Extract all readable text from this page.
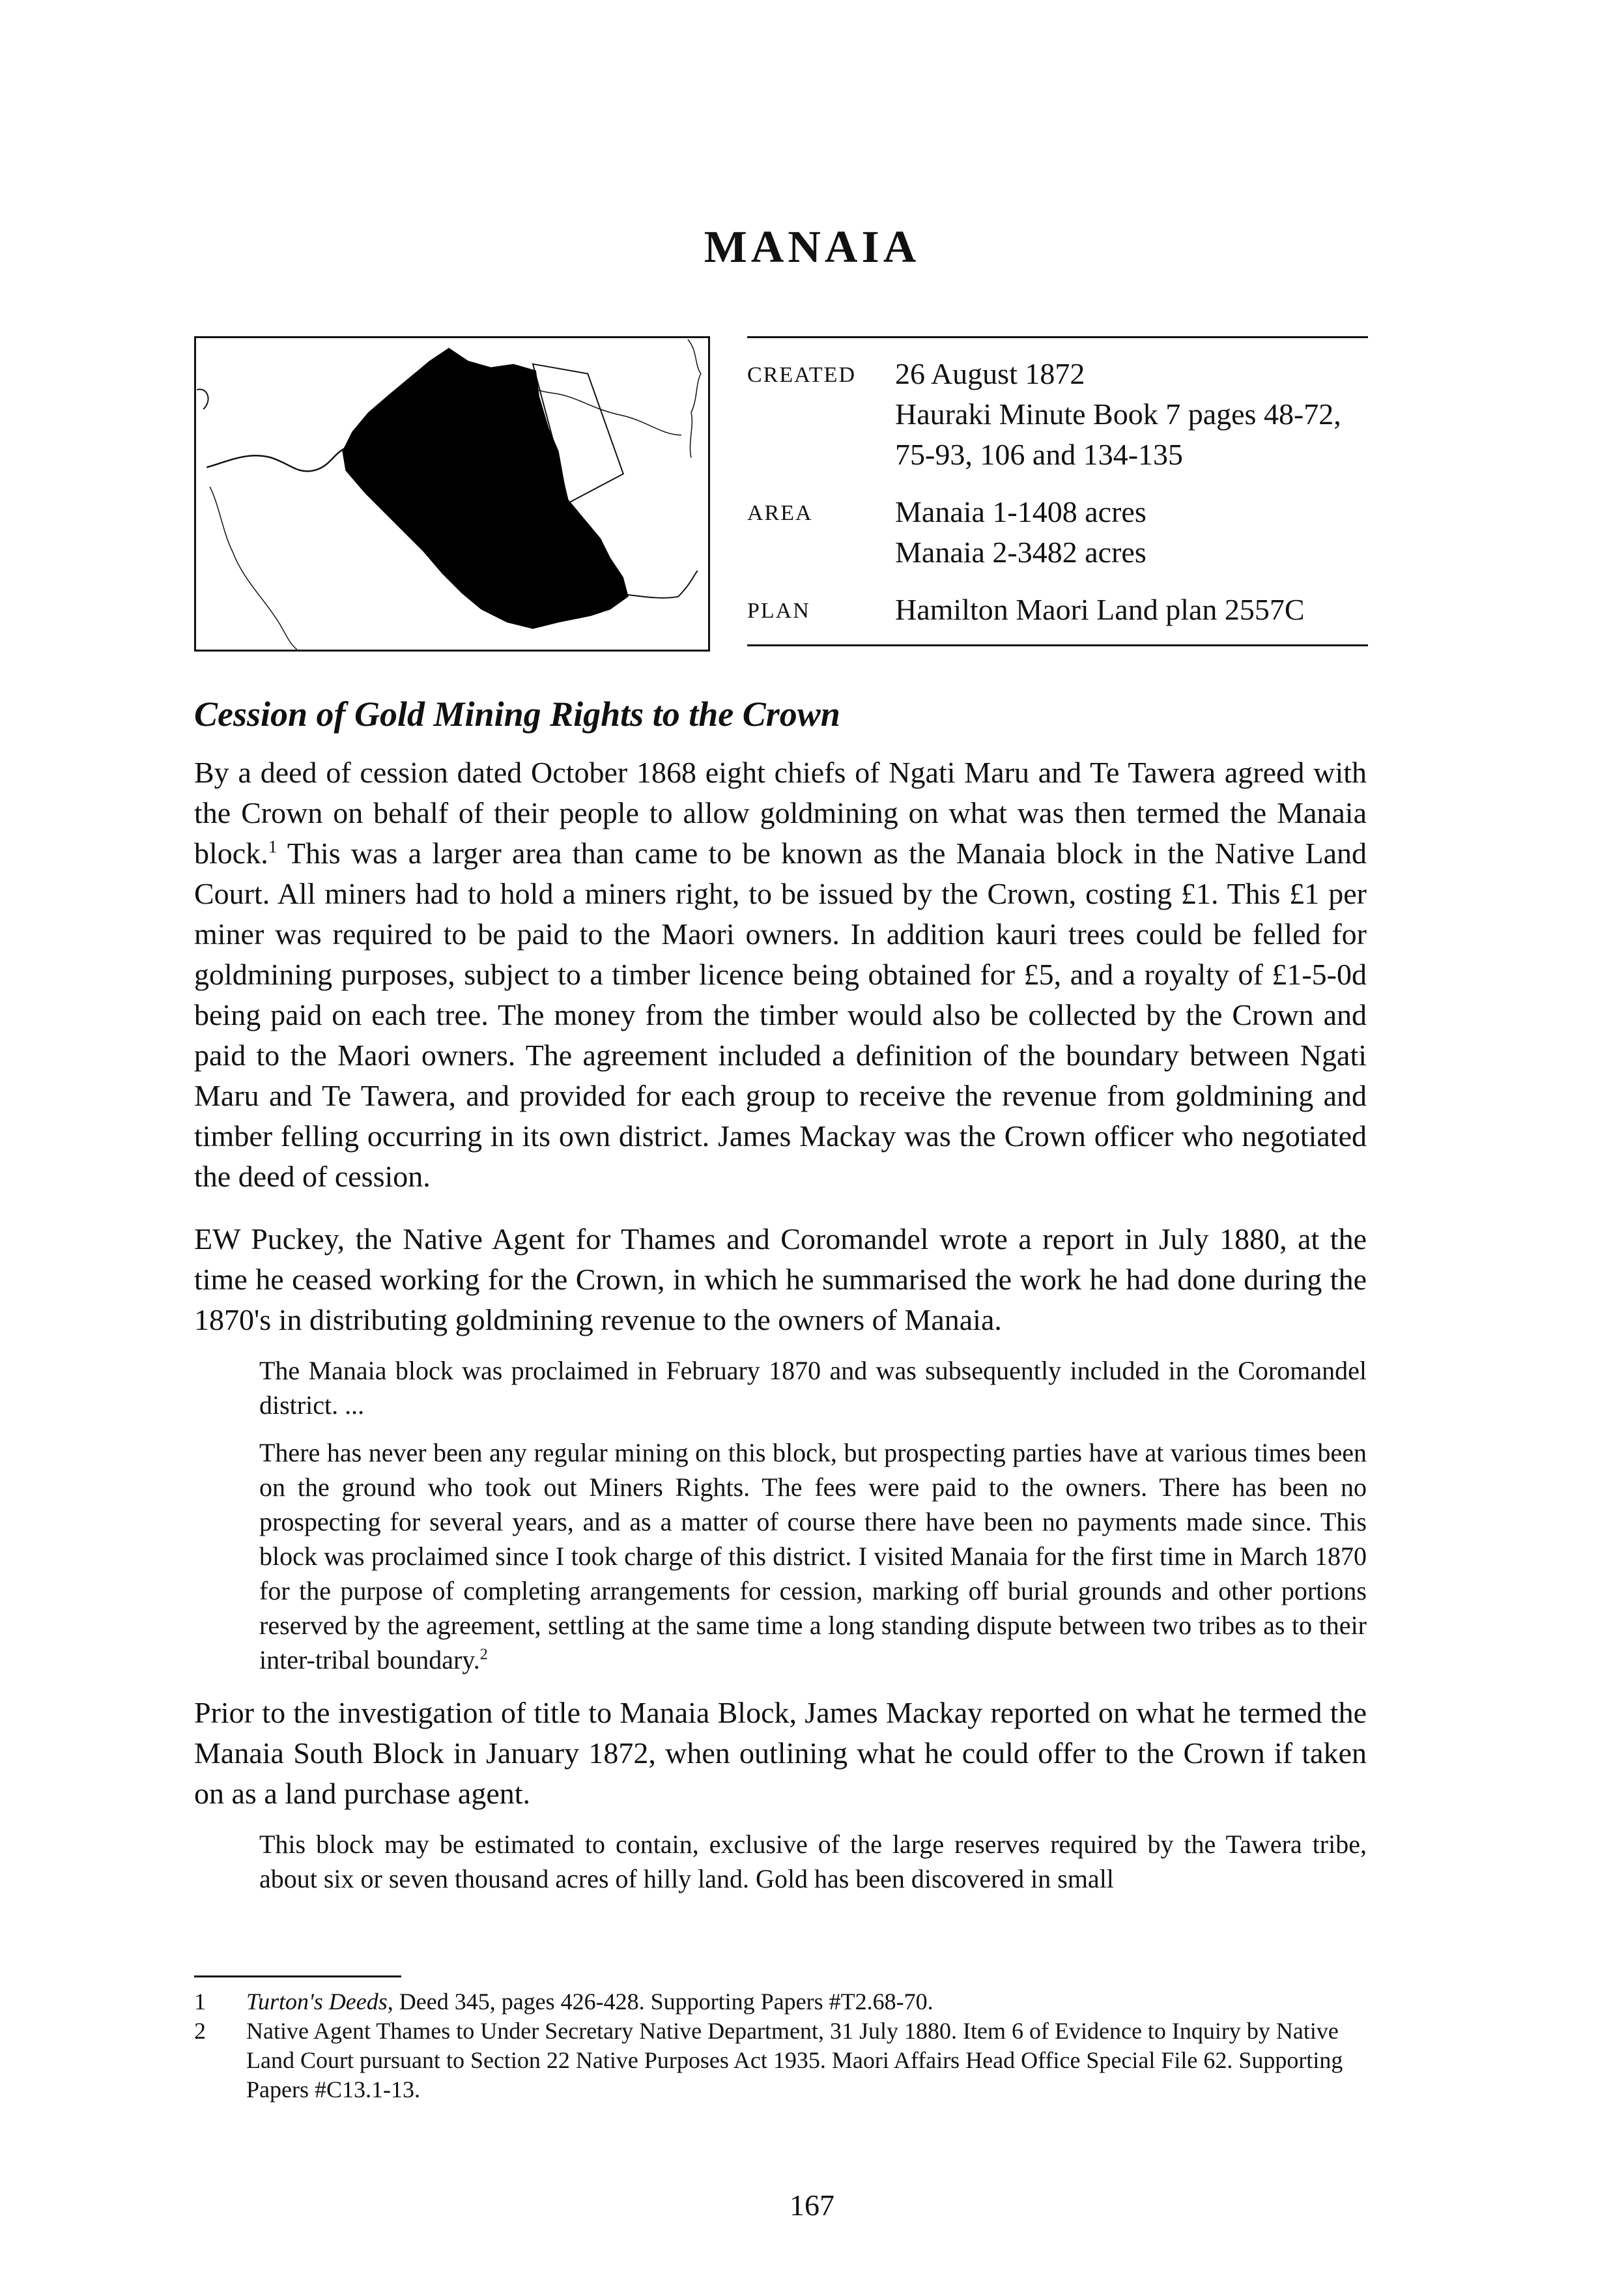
MANAIA
CREATED	26 August 1872
Hauraki Minute Book 7 pages 48-72,
75-93, 106 and 134-135
AREA	Manaia 1-1408 acres
Manaia 2-3482 acres
PLAN	Hamilton Maori Land plan 2557C
Cession of Gold Mining Rights to the Crown

By a deed of cession dated October 1868 eight chiefs of Ngati Maru and Te Tawera agreed with the Crown on behalf of their people to allow goldmining on what was then termed the Manaia block.$^1$ This was a larger area than came to be known as the Manaia block in the Native Land Court. All miners had to hold a miners right, to be issued by the Crown, costing £1. This £1 per miner was required to be paid to the Maori owners. In addition kauri trees could be felled for goldmining purposes, subject to a timber licence being obtained for £5, and a royalty of £1-5-0d being paid on each tree. The money from the timber would also be collected by the Crown and paid to the Maori owners. The agreement included a definition of the boundary between Ngati Maru and Te Tawera, and provided for each group to receive the revenue from goldmining and timber felling occurring in its own district. James Mackay was the Crown officer who negotiated the deed of cession.

EW Puckey, the Native Agent for Thames and Coromandel wrote a report in July 1880, at the time he ceased working for the Crown, in which he summarised the work he had done during the 1870's in distributing goldmining revenue to the owners of Manaia.

The Manaia block was proclaimed in February 1870 and was subsequently included in the Coromandel district. ...

There has never been any regular mining on this block, but prospecting parties have at various times been on the ground who took out Miners Rights. The fees were paid to the owners. There has been no prospecting for several years, and as a matter of course there have been no payments made since. This block was proclaimed since I took charge of this district. I visited Manaia for the first time in March 1870 for the purpose of completing arrangements for cession, marking off burial grounds and other portions reserved by the agreement, settling at the same time a long standing dispute between two tribes as to their inter-tribal boundary.$^2$

Prior to the investigation of title to Manaia Block, James Mackay reported on what he termed the Manaia South Block in January 1872, when outlining what he could offer to the Crown if taken on as a land purchase agent.

This block may be estimated to contain, exclusive of the large reserves required by the Tawera tribe, about six or seven thousand acres of hilly land. Gold has been discovered in small

1	Turton's Deeds, Deed 345, pages 426-428. Supporting Papers #T2.68-70.
2	Native Agent Thames to Under Secretary Native Department, 31 July 1880. Item 6 of Evidence to Inquiry by Native Land Court pursuant to Section 22 Native Purposes Act 1935. Maori Affairs Head Office Special File 62. Supporting Papers #C13.1-13.
167
